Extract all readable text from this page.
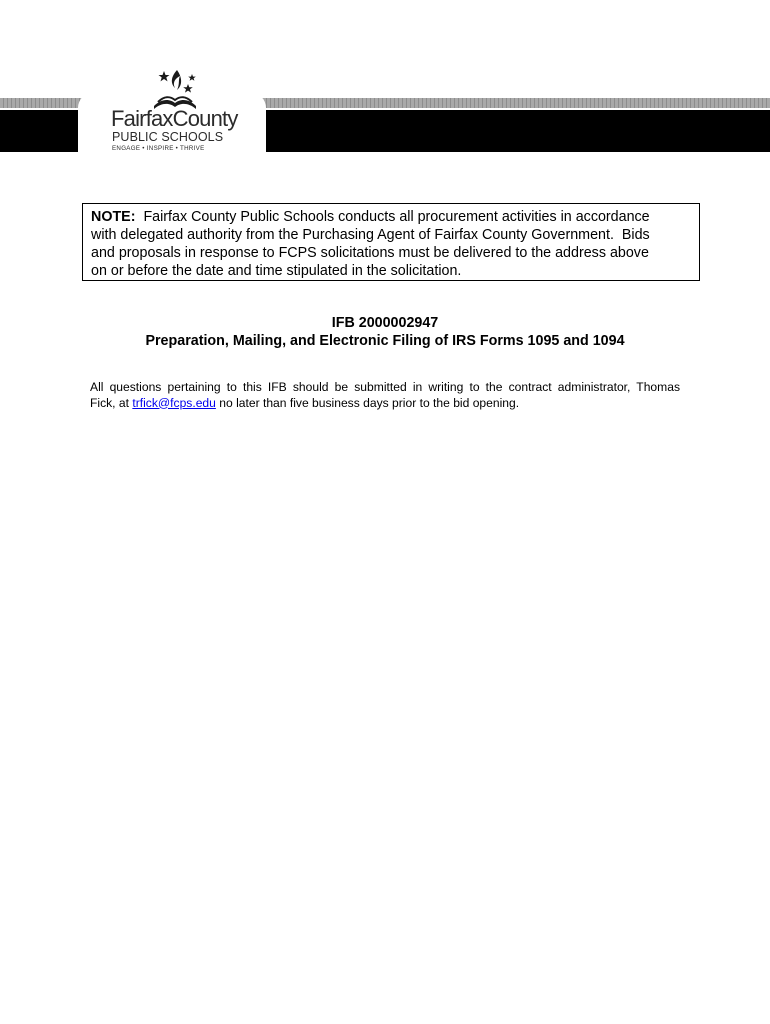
FairfaxCounty
PUBLIC SCHOOLS
ENGAGE • INSPIRE • THRIVE
NOTE: Fairfax County Public Schools conducts all procurement activities in accordance
with delegated authority from the Purchasing Agent of Fairfax County Government.  Bids
and proposals in response to FCPS solicitations must be delivered to the address above
on or before the date and time stipulated in the solicitation.
IFB 2000002947
Preparation, Mailing, and Electronic Filing of IRS Forms 1095 and 1094
All questions pertaining to this IFB should be submitted in writing to the contract administrator, Thomas
Fick, at trfick@fcps.edu no later than five business days prior to the bid opening.
